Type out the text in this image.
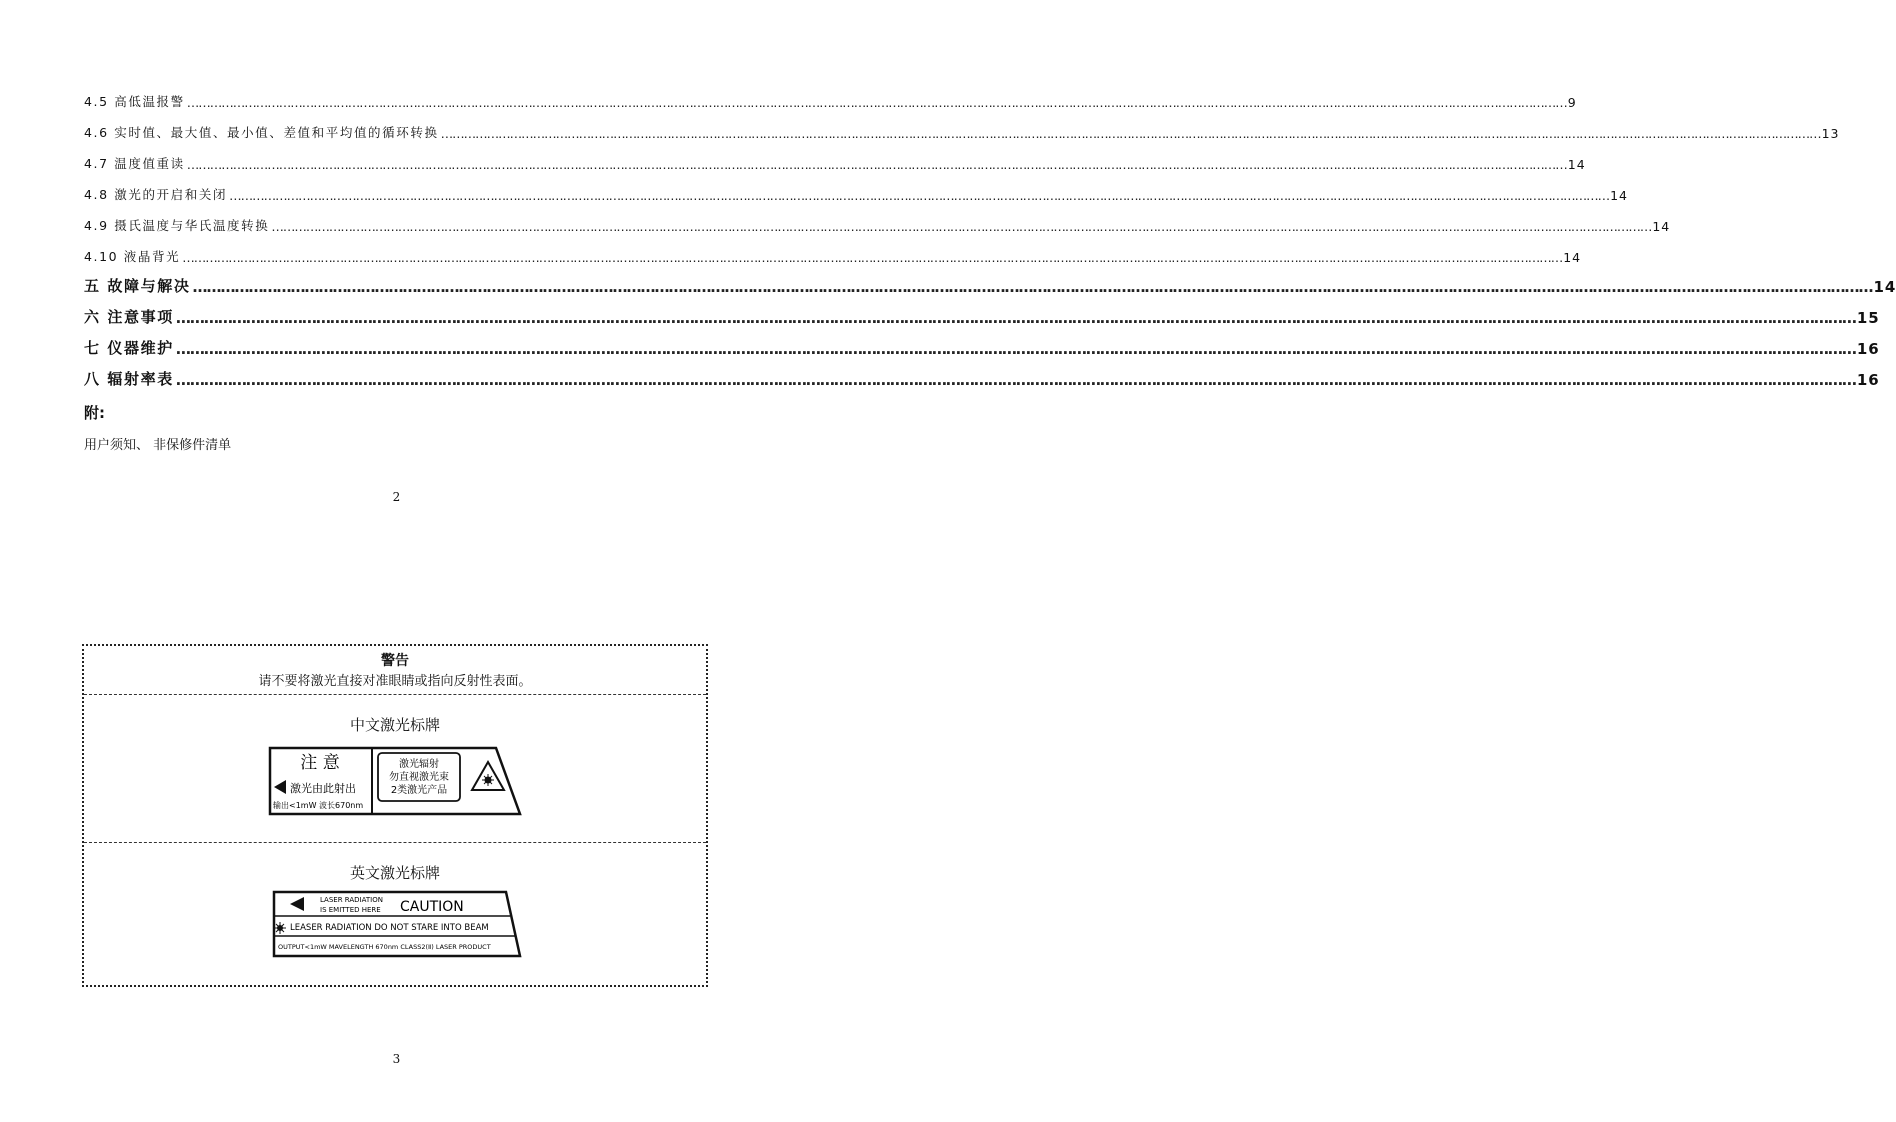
4.5 高低温报警 ……………………………………………………………………………………………………………………………………………………………………………………………………………………………………………………………………………………………………………………………… 9
4.6 实时值、最大值、最小值、差值和平均值的循环转换 ……………………………………………………………………………………………………………………………………………………………………………………………………………………………………………………………………………………………………………………………… 13
4.7 温度值重读 ……………………………………………………………………………………………………………………………………………………………………………………………………………………………………………………………………………………………………………………………… 14
4.8 激光的开启和关闭 ……………………………………………………………………………………………………………………………………………………………………………………………………………………………………………………………………………………………………………………………… 14
4.9 摄氏温度与华氏温度转换 ……………………………………………………………………………………………………………………………………………………………………………………………………………………………………………………………………………………………………………………………… 14
4.10 液晶背光 ……………………………………………………………………………………………………………………………………………………………………………………………………………………………………………………………………………………………………………………………… 14
五 故障与解决 ……………………………………………………………………………………………………………………………………………………………………………………………………………………………………………………………………………………………………………………………… 14
六 注意事项 ……………………………………………………………………………………………………………………………………………………………………………………………………………………………………………………………………………………………………………………………… 15
七 仪器维护 ……………………………………………………………………………………………………………………………………………………………………………………………………………………………………………………………………………………………………………………………… 16
八 辐射率表 ……………………………………………………………………………………………………………………………………………………………………………………………………………………………………………………………………………………………………………………………… 16
附:
用户须知、 非保修件清单
2
警告
请不要将激光直接对准眼睛或指向反射性表面。
中文激光标牌
注 意
激光由此射出
输出<1mW 波长670nm
激光辐射
勿直视激光束
2类激光产品
英文激光标牌
LASER RADIATION
IS EMITTED HERE CAUTION
LEASER RADIATION DO NOT STARE INTO BEAM
OUTPUT<1mW MAVELENGTH 670nm CLASS2(Ⅱ) LASER PRODUCT
3
